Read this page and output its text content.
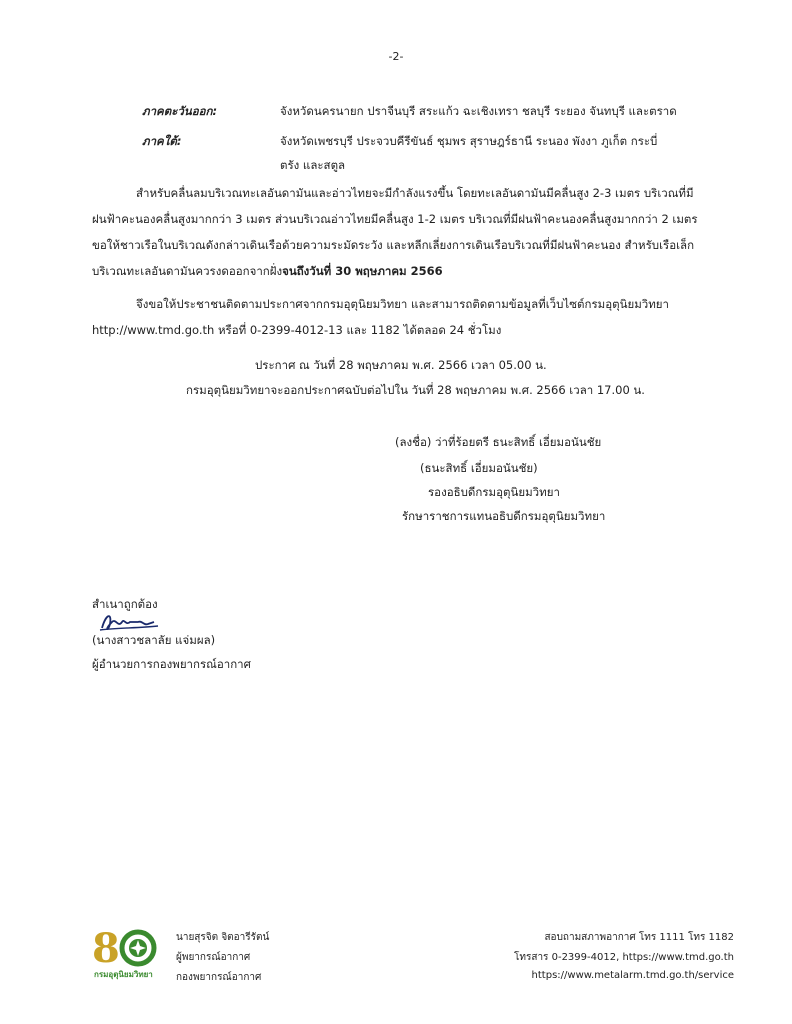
-2-
ภาคตะวันออก:	จังหวัดนครนายก ปราจีนบุรี สระแก้ว ฉะเชิงเทรา ชลบุรี ระยอง จันทบุรี และตราด
ภาคใต้:	จังหวัดเพชรบุรี ประจวบคีรีขันธ์ ชุมพร สุราษฎร์ธานี ระนอง พังงา ภูเก็ต กระบี่
ตรัง และสตูล
สำหรับคลื่นลมบริเวณทะเลอันดามันและอ่าวไทยจะมีกำลังแรงขึ้น โดยทะเลอันดามันมีคลื่นสูง 2-3 เมตร บริเวณที่มี
ฝนฟ้าคะนองคลื่นสูงมากกว่า 3 เมตร ส่วนบริเวณอ่าวไทยมีคลื่นสูง 1-2 เมตร บริเวณที่มีฝนฟ้าคะนองคลื่นสูงมากกว่า 2 เมตร
ขอให้ชาวเรือในบริเวณดังกล่าวเดินเรือด้วยความระมัดระวัง และหลีกเลี่ยงการเดินเรือบริเวณที่มีฝนฟ้าคะนอง สำหรับเรือเล็ก
บริเวณทะเลอันดามันควรงดออกจากฝั่งจนถึงวันที่ 30 พฤษภาคม 2566
จึงขอให้ประชาชนติดตามประกาศจากกรมอุตุนิยมวิทยา และสามารถติดตามข้อมูลที่เว็บไซต์กรมอุตุนิยมวิทยา
http://www.tmd.go.th หรือที่ 0-2399-4012-13 และ 1182 ได้ตลอด 24 ชั่วโมง
ประกาศ ณ วันที่ 28 พฤษภาคม พ.ศ. 2566 เวลา 05.00 น.
กรมอุตุนิยมวิทยาจะออกประกาศฉบับต่อไปใน วันที่ 28 พฤษภาคม พ.ศ. 2566 เวลา 17.00 น.
(ลงชื่อ) ว่าที่ร้อยตรี ธนะสิทธิ์ เอี่ยมอนันชัย
(ธนะสิทธิ์ เอี่ยมอนันชัย)
รองอธิบดีกรมอุตุนิยมวิทยา
รักษาราชการแทนอธิบดีกรมอุตุนิยมวิทยา
สำเนาถูกต้อง
(นางสาวชลาลัย แจ่มผล)
ผู้อำนวยการกองพยากรณ์อากาศ
8
กรมอุตุนิยมวิทยา
นายสุรจิต จิตอารีรัตน์
ผู้พยากรณ์อากาศ
กองพยากรณ์อากาศ
สอบถามสภาพอากาศ โทร 1111 โทร 1182
โทรสาร 0-2399-4012, https://www.tmd.go.th
https://www.metalarm.tmd.go.th/service
